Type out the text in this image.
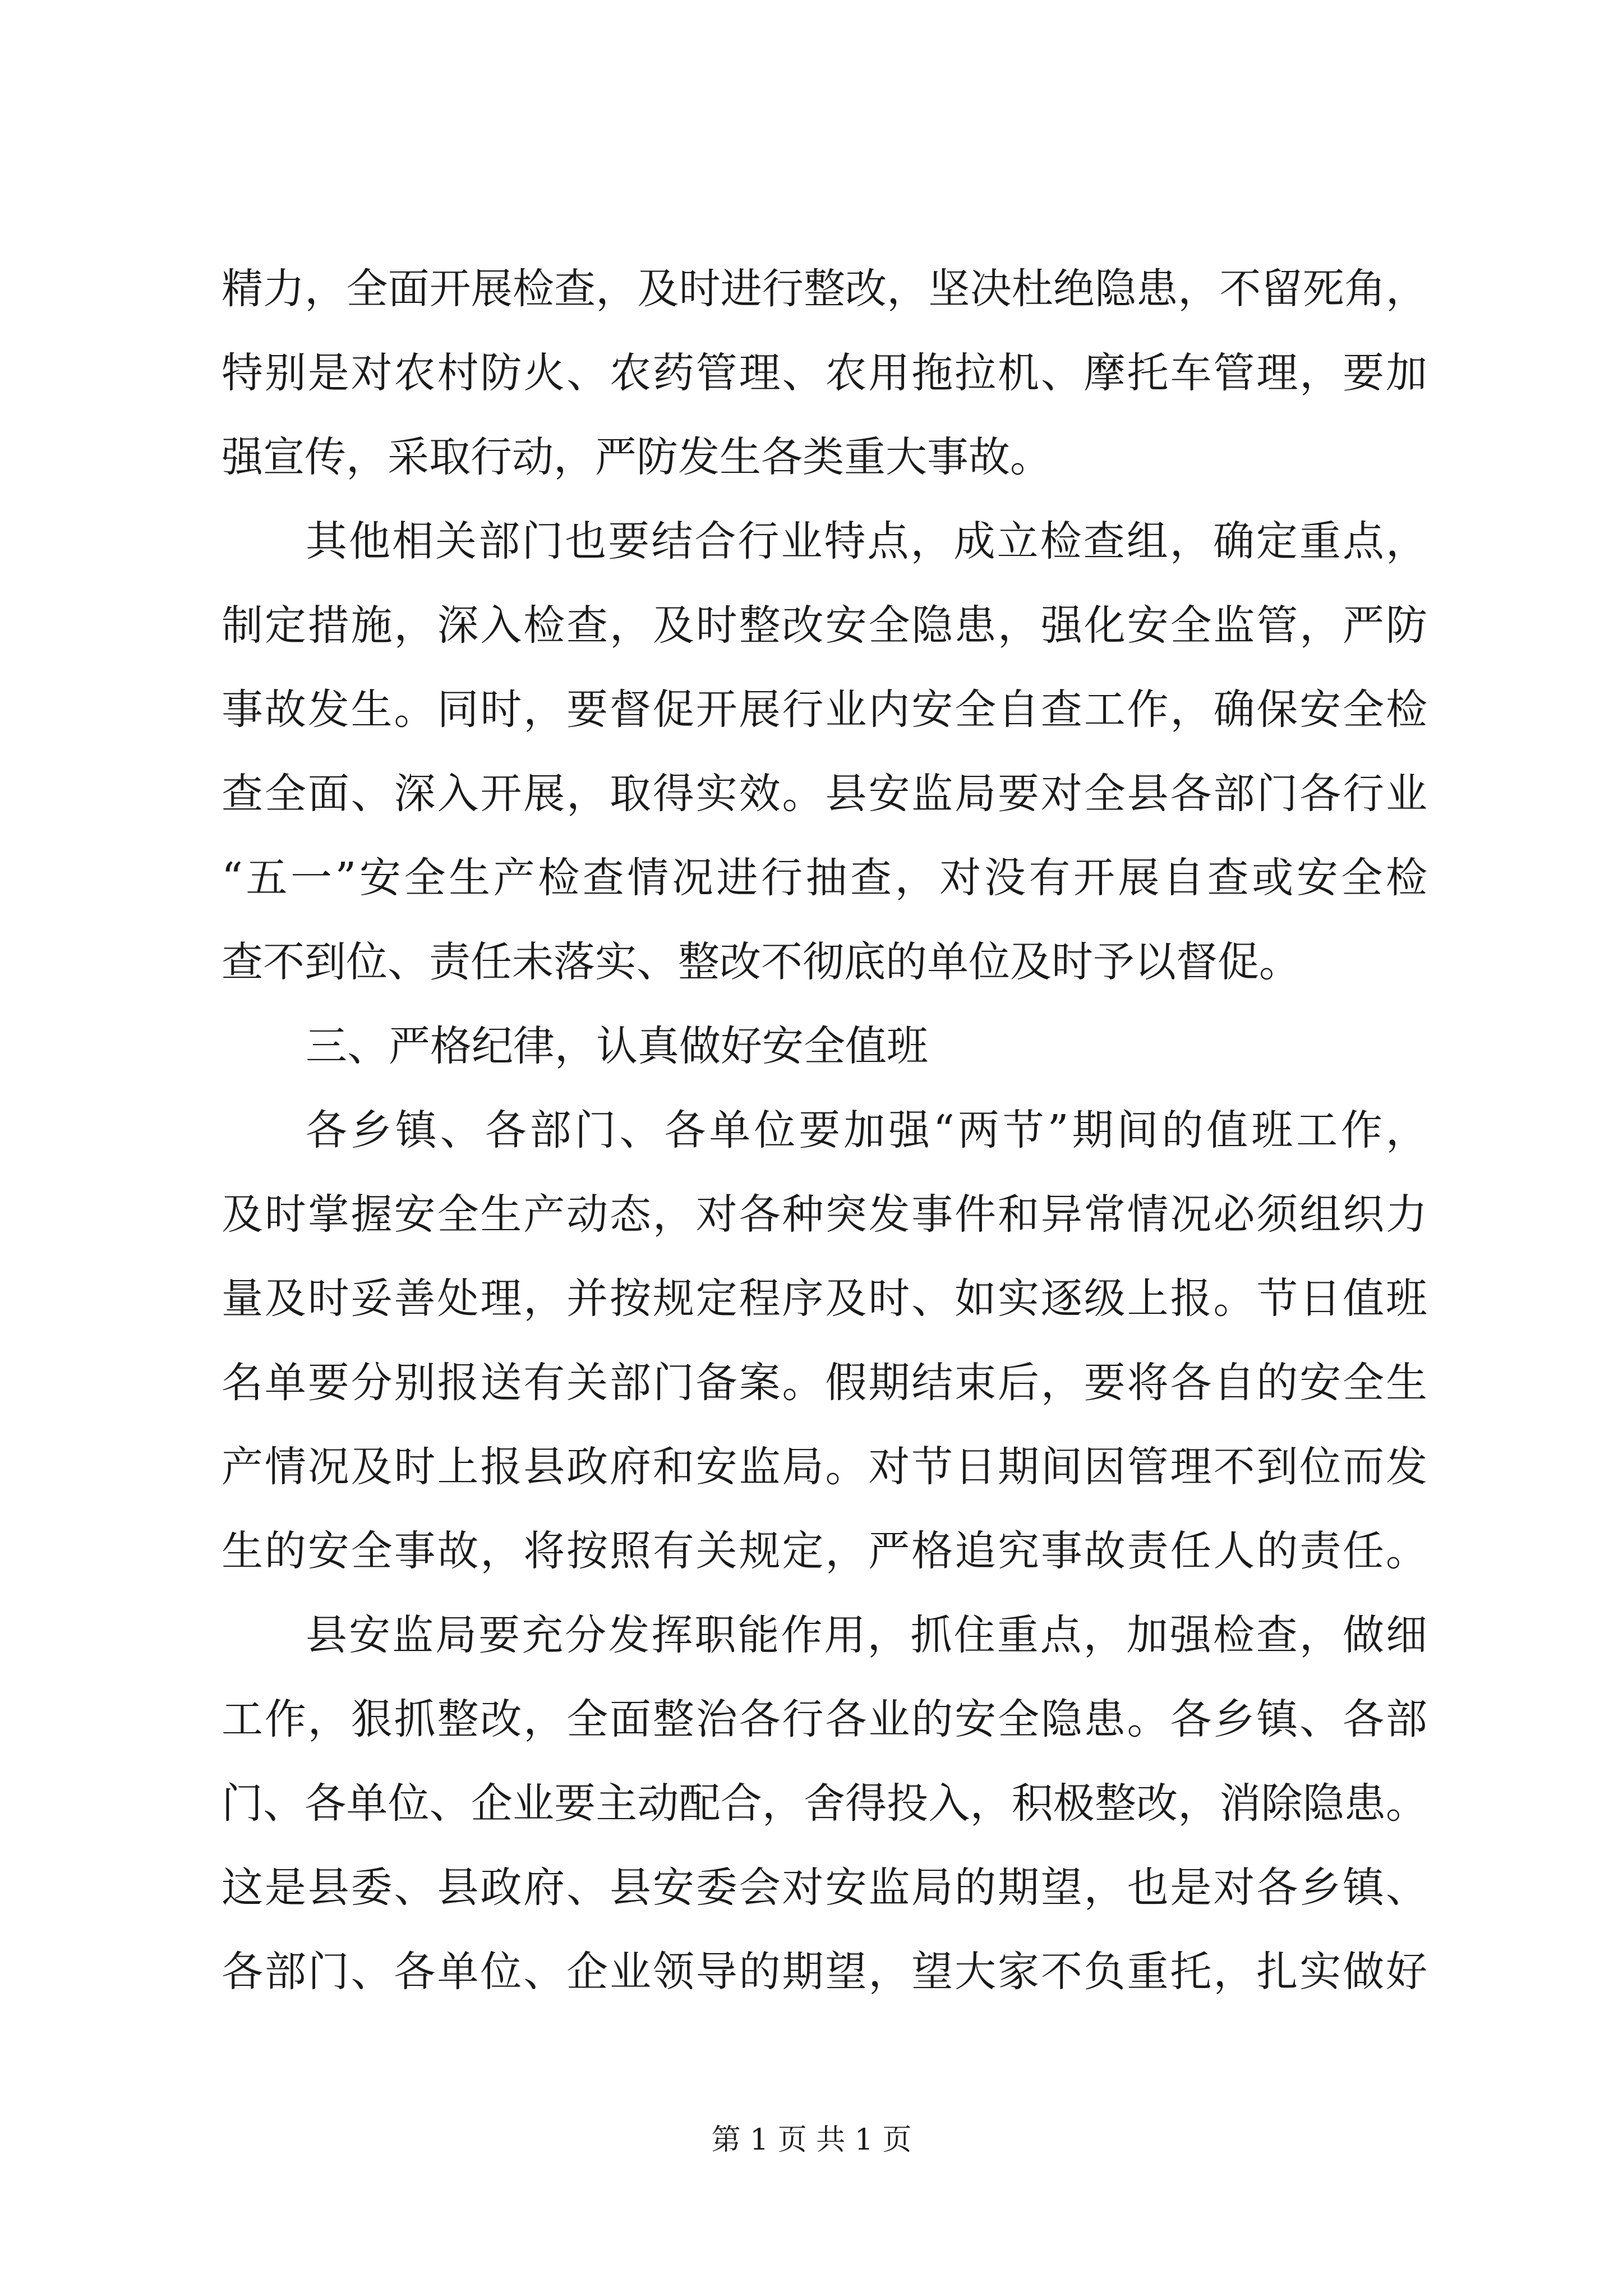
精力，全面开展检查，及时进行整改，坚决杜绝隐患，不留死角，
特别是对农村防火、农药管理、农用拖拉机、摩托车管理，要加
强宣传，采取行动，严防发生各类重大事故。
其他相关部门也要结合行业特点，成立检查组，确定重点，
制定措施，深入检查，及时整改安全隐患，强化安全监管，严防
事故发生。同时，要督促开展行业内安全自查工作，确保安全检
查全面、深入开展，取得实效。县安监局要对全县各部门各行业
“五一”安全生产检查情况进行抽查，对没有开展自查或安全检
查不到位、责任未落实、整改不彻底的单位及时予以督促。
三、严格纪律，认真做好安全值班
各乡镇、各部门、各单位要加强“两节”期间的值班工作，
及时掌握安全生产动态，对各种突发事件和异常情况必须组织力
量及时妥善处理，并按规定程序及时、如实逐级上报。节日值班
名单要分别报送有关部门备案。假期结束后，要将各自的安全生
产情况及时上报县政府和安监局。对节日期间因管理不到位而发
生的安全事故，将按照有关规定，严格追究事故责任人的责任。
县安监局要充分发挥职能作用，抓住重点，加强检查，做细
工作，狠抓整改，全面整治各行各业的安全隐患。各乡镇、各部
门、各单位、企业要主动配合，舍得投入，积极整改，消除隐患。
这是县委、县政府、县安委会对安监局的期望，也是对各乡镇、
各部门、各单位、企业领导的期望，望大家不负重托，扎实做好
第 1 页 共 1 页
